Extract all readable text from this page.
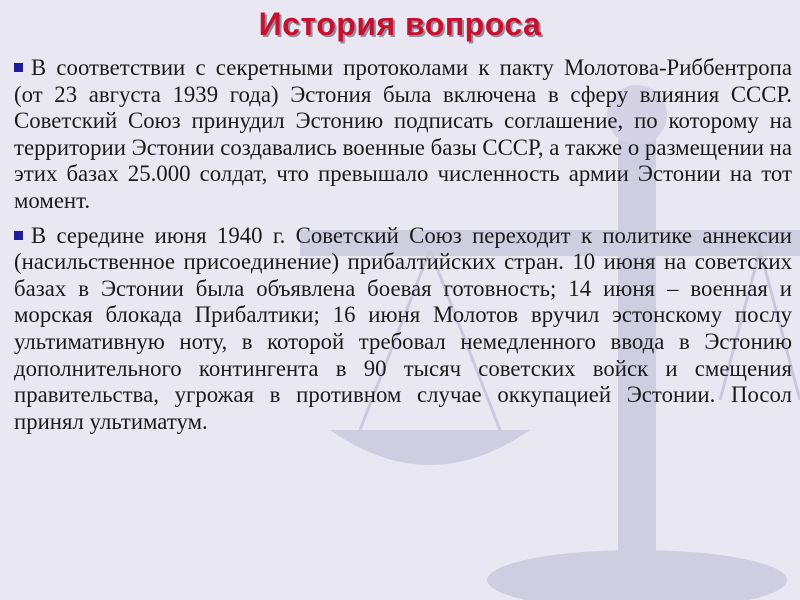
История вопроса

В соответствии с секретными протоколами к пакту Молотова-Риббентропа (от 23 августа 1939 года) Эстония была включена в сферу влияния СССР. Советский Союз принудил Эстонию подписать соглашение, по которому на территории Эстонии создавались военные базы СССР, а также о размещении на этих базах 25.000 солдат, что превышало численность армии Эстонии на тот момент.

В середине июня 1940 г. Советский Союз переходит к политике аннексии (насильственное присоединение) прибалтийских стран. 10 июня на советских базах в Эстонии была объявлена боевая готовность; 14 июня – военная и морская блокада Прибалтики; 16 июня Молотов вручил эстонскому послу ультимативную ноту, в которой требовал немедленного ввода в Эстонию дополнительного контингента в 90 тысяч советских войск и смещения правительства, угрожая в противном случае оккупацией Эстонии. Посол принял ультиматум.
